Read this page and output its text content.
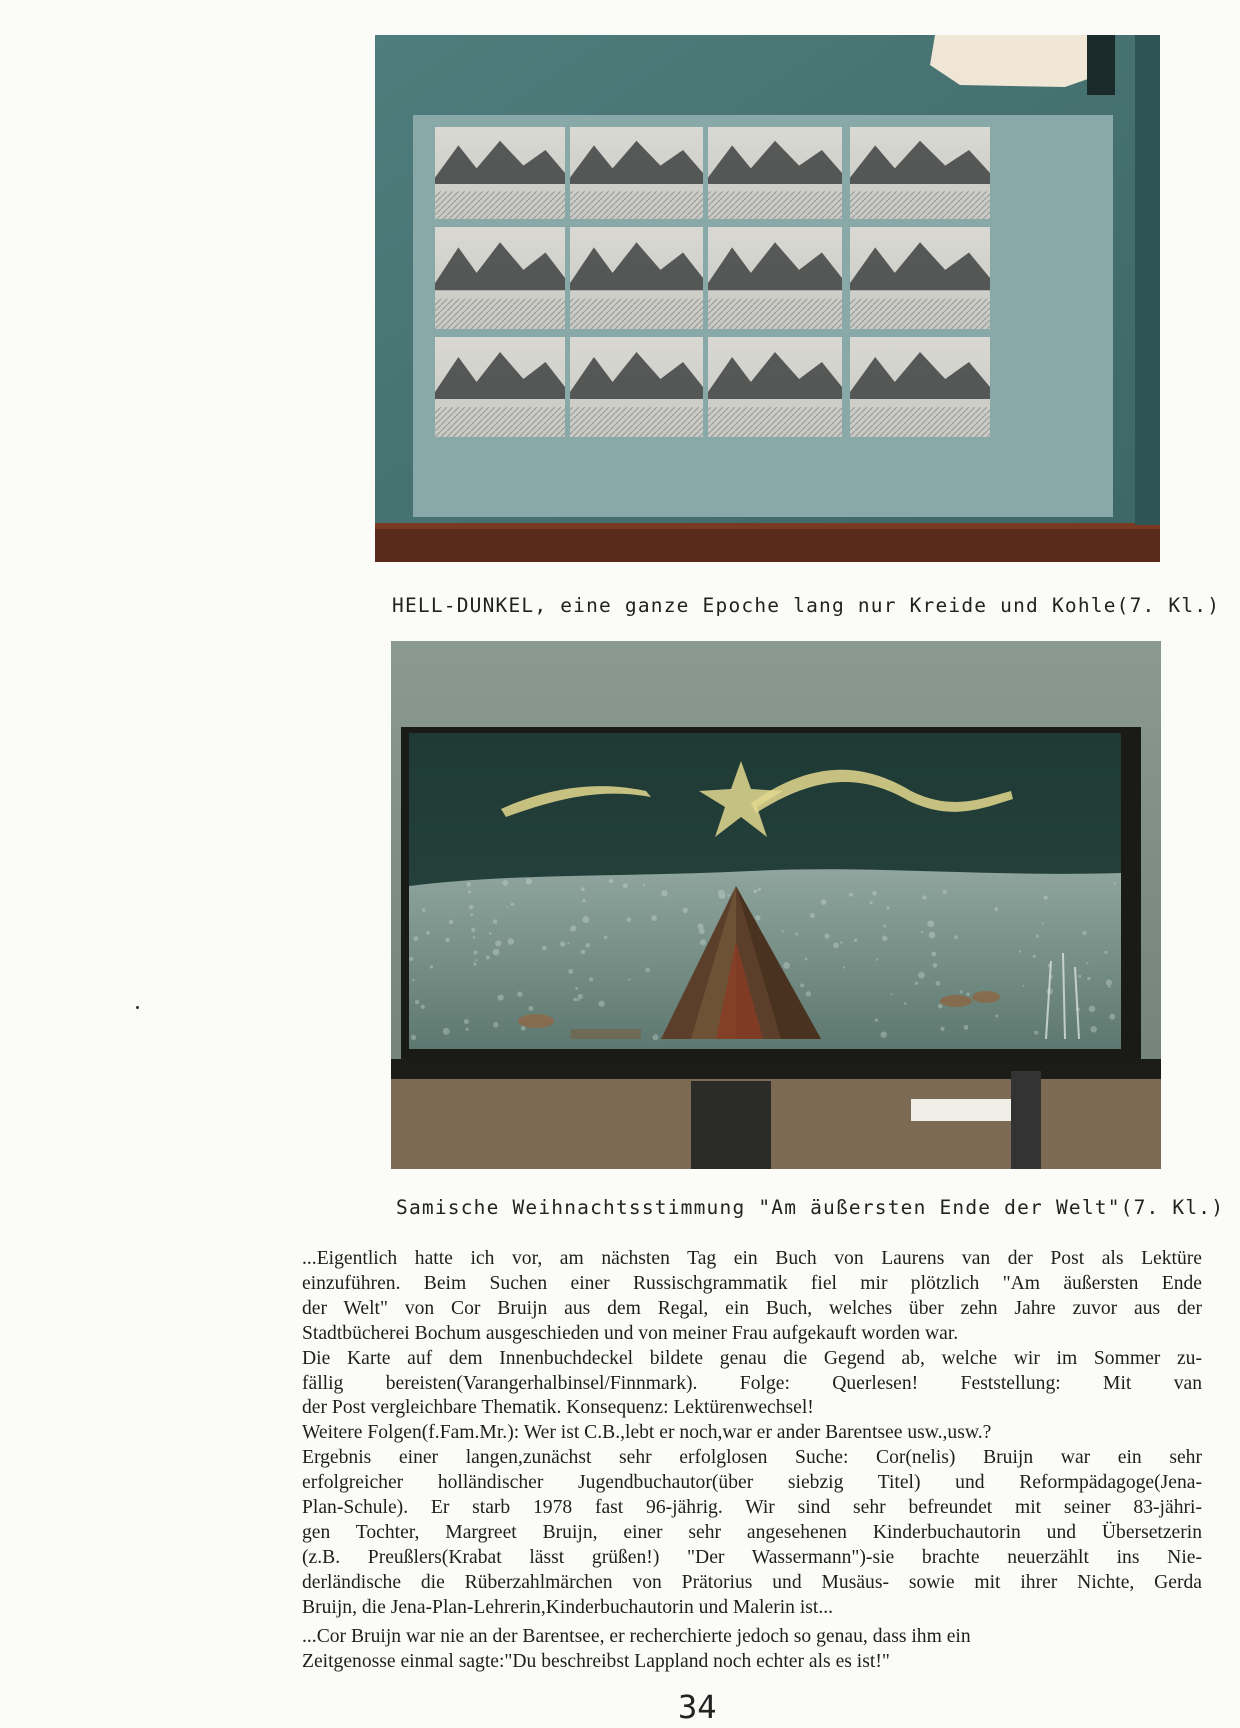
HELL-DUNKEL, eine ganze Epoche lang nur Kreide und Kohle(7. Kl.)
Samische Weihnachtsstimmung "Am äußersten Ende der Welt"(7. Kl.)
...Eigentlich hatte ich vor, am nächsten Tag ein Buch von Laurens van der Post als Lektüre
einzuführen. Beim Suchen einer Russischgrammatik fiel mir plötzlich "Am äußersten Ende
der Welt" von Cor Bruijn aus dem Regal, ein Buch, welches über zehn Jahre zuvor aus der
Stadtbücherei Bochum ausgeschieden und von meiner Frau aufgekauft worden war.
Die Karte auf dem Innenbuchdeckel bildete genau die Gegend ab, welche wir im Sommer zu-
fällig bereisten(Varangerhalbinsel/Finnmark). Folge: Querlesen! Feststellung: Mit van
der Post vergleichbare Thematik. Konsequenz: Lektürenwechsel!
Weitere Folgen(f.Fam.Mr.): Wer ist C.B.,lebt er noch,war er ander Barentsee usw.,usw.?
Ergebnis einer langen,zunächst sehr erfolglosen Suche: Cor(nelis) Bruijn war ein sehr
erfolgreicher holländischer Jugendbuchautor(über siebzig Titel) und Reformpädagoge(Jena-
Plan-Schule). Er starb 1978 fast 96-jährig. Wir sind sehr befreundet mit seiner 83-jähri-
gen Tochter, Margreet Bruijn, einer sehr angesehenen Kinderbuchautorin und Übersetzerin
(z.B. Preußlers(Krabat lässt grüßen!) "Der Wassermann")-sie brachte neuerzählt ins Nie-
derländische die Rüberzahlmärchen von Prätorius und Musäus- sowie mit ihrer Nichte, Gerda
Bruijn, die Jena-Plan-Lehrerin,Kinderbuchautorin und Malerin ist...
...Cor Bruijn war nie an der Barentsee, er recherchierte jedoch so genau, dass ihm ein
Zeitgenosse einmal sagte:"Du beschreibst Lappland noch echter als es ist!"
34
